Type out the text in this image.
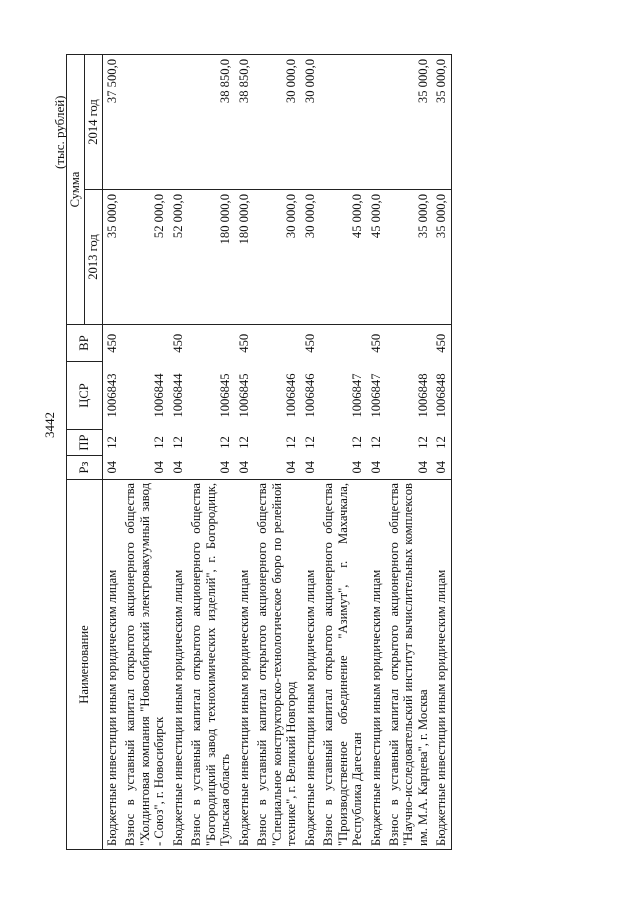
3442
(тыс. рублей)
Наименование	Рз	ПР	ЦСР	ВР	Сумма	
					2013 год	2014 год
Бюджетные инвестиции иным юридическим лицам	04	12	1006843	450	35 000,0	37 500,0
Взнос в уставный капитал открытого акционерного общества "Холдинговая компания "Новосибирский электровакуумный завод - Союз", г. Новосибирск	04	12	1006844		52 000,0	
Бюджетные инвестиции иным юридическим лицам	04	12	1006844	450	52 000,0	
Взнос в уставный капитал открытого акционерного общества "Богородицкий завод технохимических изделий", г. Богородицк, Тульская область	04	12	1006845		180 000,0	38 850,0
Бюджетные инвестиции иным юридическим лицам	04	12	1006845	450	180 000,0	38 850,0
Взнос в уставный капитал открытого акционерного общества "Специальное конструкторско-технологическое бюро по релейной технике", г. Великий Новгород	04	12	1006846		30 000,0	30 000,0
Бюджетные инвестиции иным юридическим лицам	04	12	1006846	450	30 000,0	30 000,0
Взнос в уставный капитал открытого акционерного общества "Производственное объединение "Азимут", г. Махачкала, Республика Дагестан	04	12	1006847		45 000,0	
Бюджетные инвестиции иным юридическим лицам	04	12	1006847	450	45 000,0	
Взнос в уставный капитал открытого акционерного общества "Научно-исследовательский институт вычислительных комплексов им. М.А. Карцева", г. Москва	04	12	1006848		35 000,0	35 000,0
Бюджетные инвестиции иным юридическим лицам	04	12	1006848	450	35 000,0	35 000,0
